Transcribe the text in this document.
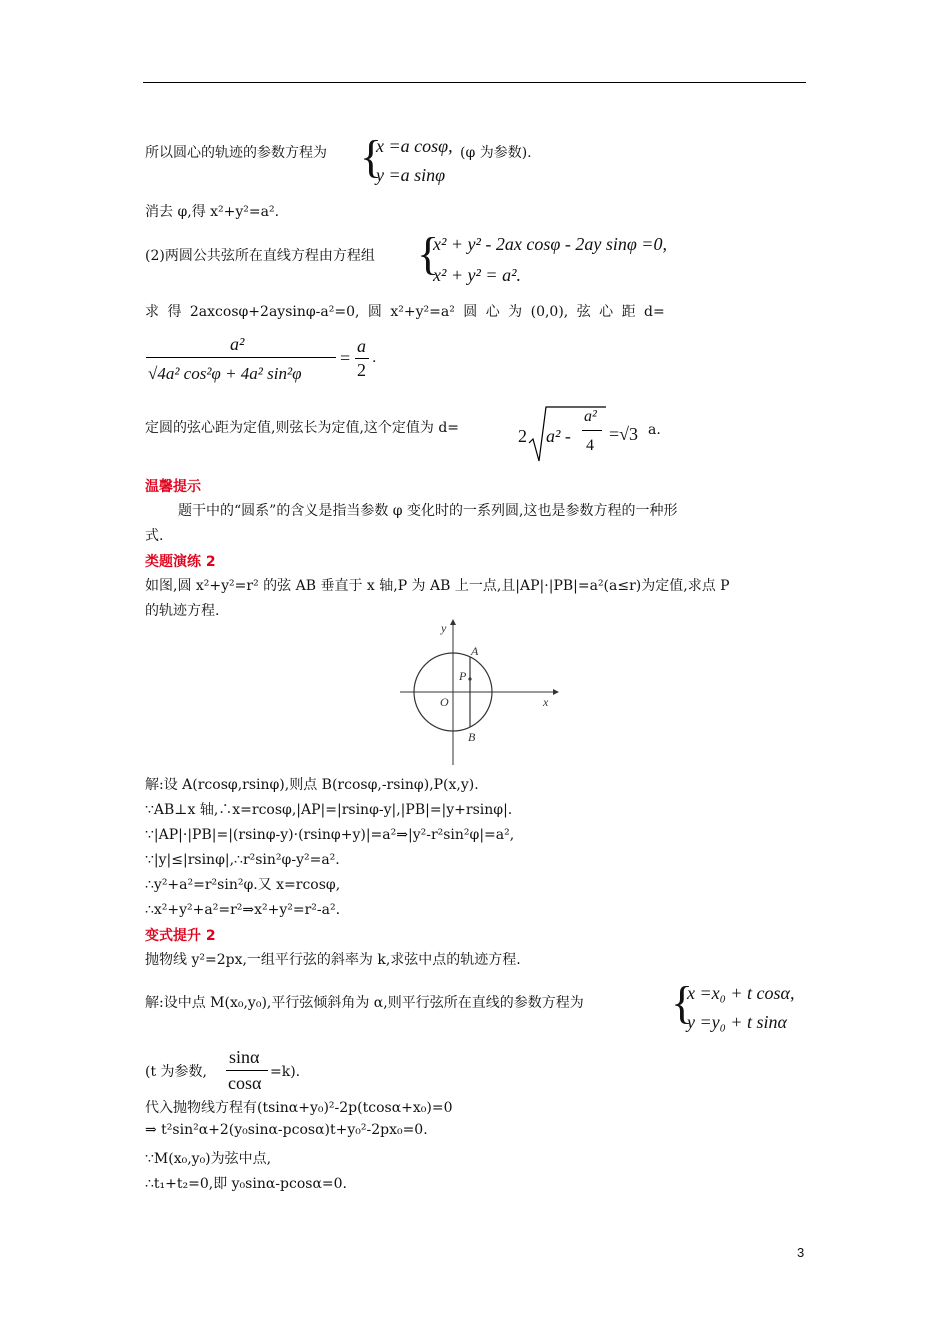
所以圆心的轨迹的参数方程为 {
x =a cosφ,
y =a sinφ
(φ 为参数).
消去 φ,得 x²+y²=a².
(2)两圆公共弦所在直线方程由方程组 {
x² + y² - 2ax cosφ - 2ay sinφ =0,
x² + y² = a².
求 得 2axcosφ+2aysinφ-a²=0, 圆 x²+y²=a² 圆 心 为 (0,0), 弦 心 距 d=
a²
√4a² cos²φ + 4a² sin²φ
=
a
2
.
定圆的弦心距为定值,则弦长为定值,这个定值为 d=	2 a² -
a²
4
=√3 a.
温馨提示
题干中的“圆系”的含义是指当参数 φ 变化时的一系列圆,这也是参数方程的一种形
式.
类题演练 2
如图,圆 x²+y²=r² 的弦 AB 垂直于 x 轴,P 为 AB 上一点,且|AP|·|PB|=a²(a≤r)为定值,求点 P
的轨迹方程.
y
x
O
A
P
B
解:设 A(rcosφ,rsinφ),则点 B(rcosφ,-rsinφ),P(x,y).
∵AB⊥x 轴,∴x=rcosφ,|AP|=|rsinφ-y|,|PB|=|y+rsinφ|.
∵|AP|·|PB|=|(rsinφ-y)·(rsinφ+y)|=a²⇒|y²-r²sin²φ|=a²,
∵|y|≤|rsinφ|,∴r²sin²φ-y²=a².
∴y²+a²=r²sin²φ.又 x=rcosφ,
∴x²+y²+a²=r²⇒x²+y²=r²-a².
变式提升 2
抛物线 y²=2px,一组平行弦的斜率为 k,求弦中点的轨迹方程.
解:设中点 M(x₀,y₀),平行弦倾斜角为 α,则平行弦所在直线的参数方程为 {
x =x₀ + t cosα,
y =y₀ + t sinα
(t 为参数,
sinα
cosα
=k).
代入抛物线方程有(tsinα+y₀)²-2p(tcosα+x₀)=0
⇒ t²sin²α+2(y₀sinα-pcosα)t+y₀²-2px₀=0.
∵M(x₀,y₀)为弦中点,
∴t₁+t₂=0,即 y₀sinα-pcosα=0.
3
